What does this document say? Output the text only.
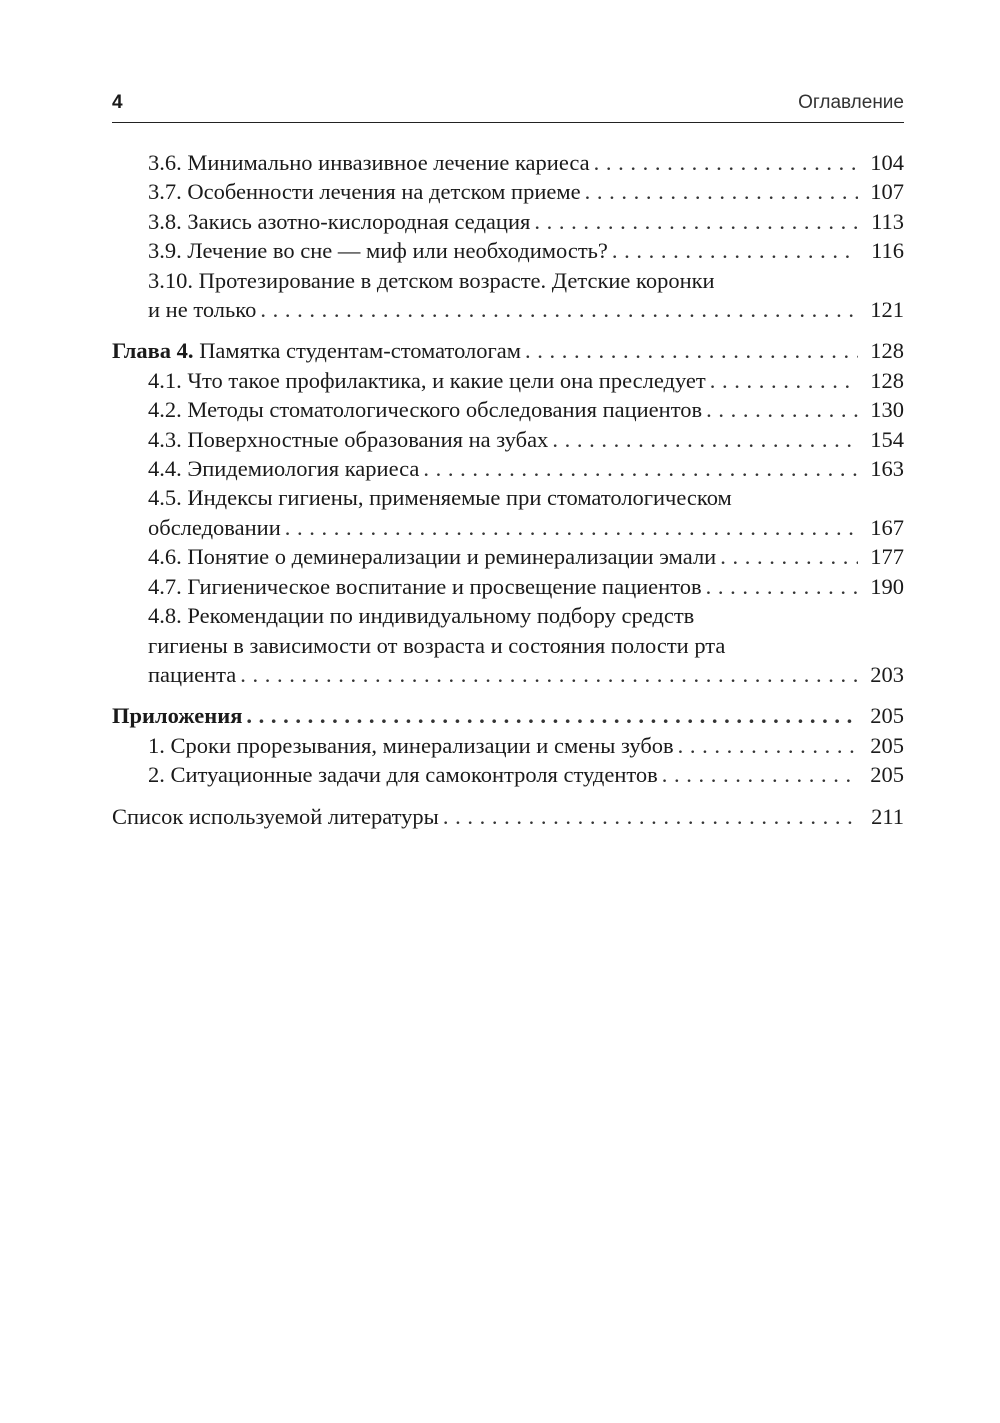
4	Оглавление
3.6. Минимально инвазивное лечение кариеса . . .	104
3.7. Особенности лечения на детском приеме . . .	107
3.8. Закись азотно-кислородная седация . . .	113
3.9. Лечение во сне — миф или необходимость? . . .	116
3.10. Протезирование в детском возрасте. Детские коронки
и не только . . .	121
Глава 4. Памятка студентам-стоматологам . . .	128
4.1. Что такое профилактика, и какие цели она преследует . . .	128
4.2. Методы стоматологического обследования пациентов . . .	130
4.3. Поверхностные образования на зубах . . .	154
4.4. Эпидемиология кариеса . . .	163
4.5. Индексы гигиены, применяемые при стоматологическом
обследовании . . .	167
4.6. Понятие о деминерализации и реминерализации эмали . . .	177
4.7. Гигиеническое воспитание и просвещение пациентов . . .	190
4.8. Рекомендации по индивидуальному подбору средств
гигиены в зависимости от возраста и состояния полости рта
пациента . . .	203
Приложения . . .	205
1. Сроки прорезывания, минерализации и смены зубов . . .	205
2. Ситуационные задачи для самоконтроля студентов . . .	205
Список используемой литературы . . .	211
